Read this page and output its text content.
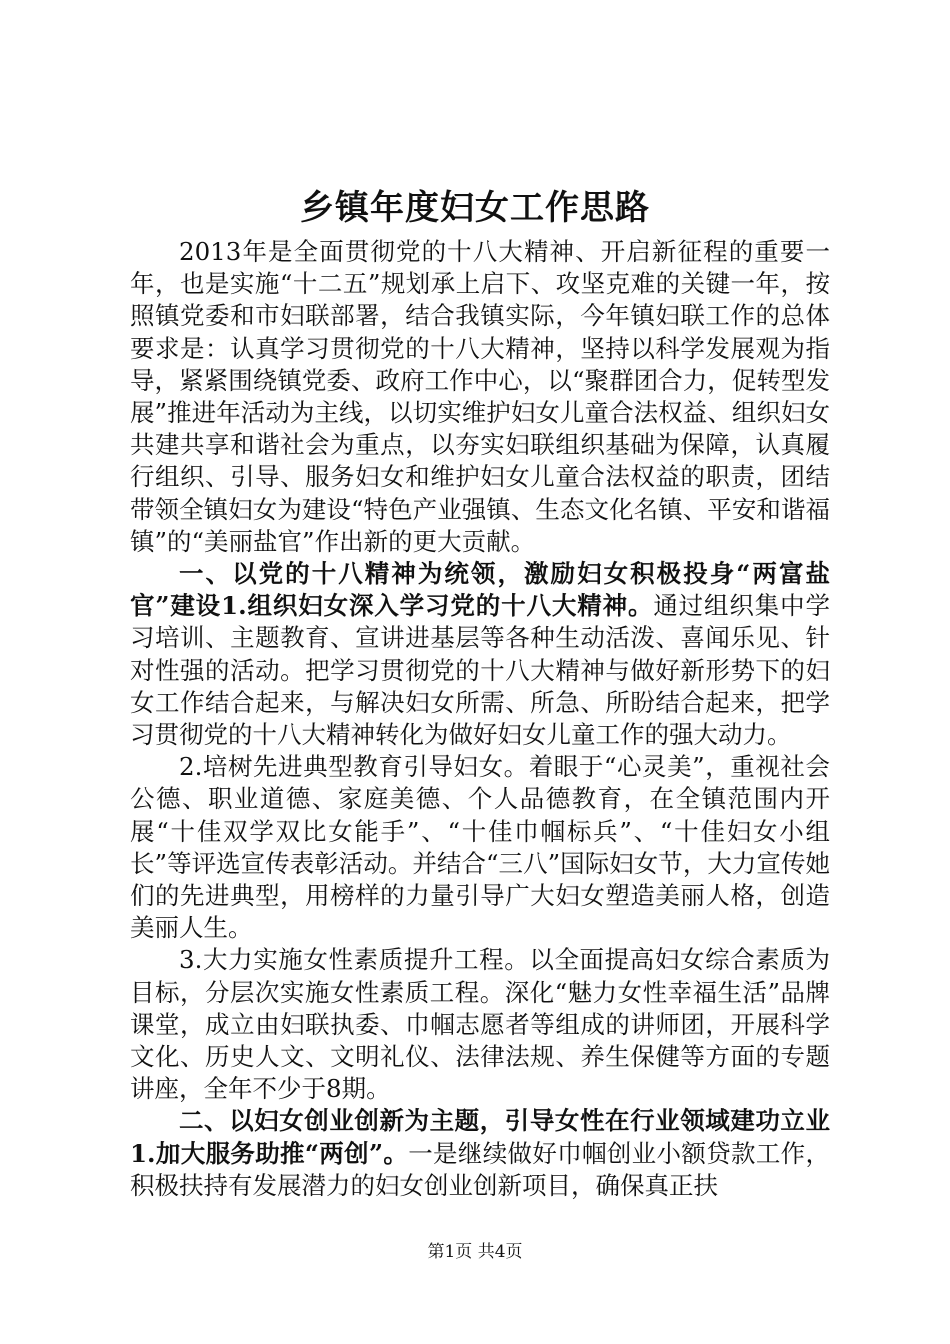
乡镇年度妇女工作思路

2013年是全面贯彻党的十八大精神、开启新征程的重要一年，也是实施“十二五”规划承上启下、攻坚克难的关键一年，按照镇党委和市妇联部署，结合我镇实际，今年镇妇联工作的总体要求是：认真学习贯彻党的十八大精神，坚持以科学发展观为指导，紧紧围绕镇党委、政府工作中心，以“聚群团合力，促转型发展”推进年活动为主线，以切实维护妇女儿童合法权益、组织妇女共建共享和谐社会为重点，以夯实妇联组织基础为保障，认真履行组织、引导、服务妇女和维护妇女儿童合法权益的职责，团结带领全镇妇女为建设“特色产业强镇、生态文化名镇、平安和谐福镇”的“美丽盐官”作出新的更大贡献。

一、以党的十八精神为统领，激励妇女积极投身“两富盐官”建设1.组织妇女深入学习党的十八大精神。通过组织集中学习培训、主题教育、宣讲进基层等各种生动活泼、喜闻乐见、针对性强的活动。把学习贯彻党的十八大精神与做好新形势下的妇女工作结合起来，与解决妇女所需、所急、所盼结合起来，把学习贯彻党的十八大精神转化为做好妇女儿童工作的强大动力。

2.培树先进典型教育引导妇女。着眼于“心灵美”，重视社会公德、职业道德、家庭美德、个人品德教育，在全镇范围内开展“十佳双学双比女能手”、“十佳巾帼标兵”、“十佳妇女小组长”等评选宣传表彰活动。并结合“三八”国际妇女节，大力宣传她们的先进典型，用榜样的力量引导广大妇女塑造美丽人格，创造美丽人生。

3.大力实施女性素质提升工程。以全面提高妇女综合素质为目标，分层次实施女性素质工程。深化“魅力女性幸福生活”品牌课堂，成立由妇联执委、巾帼志愿者等组成的讲师团，开展科学文化、历史人文、文明礼仪、法律法规、养生保健等方面的专题讲座，全年不少于8期。

二、以妇女创业创新为主题，引导女性在行业领域建功立业1.加大服务助推“两创”。一是继续做好巾帼创业小额贷款工作，积极扶持有发展潜力的妇女创业创新项目，确保真正扶

第1页 共4页
